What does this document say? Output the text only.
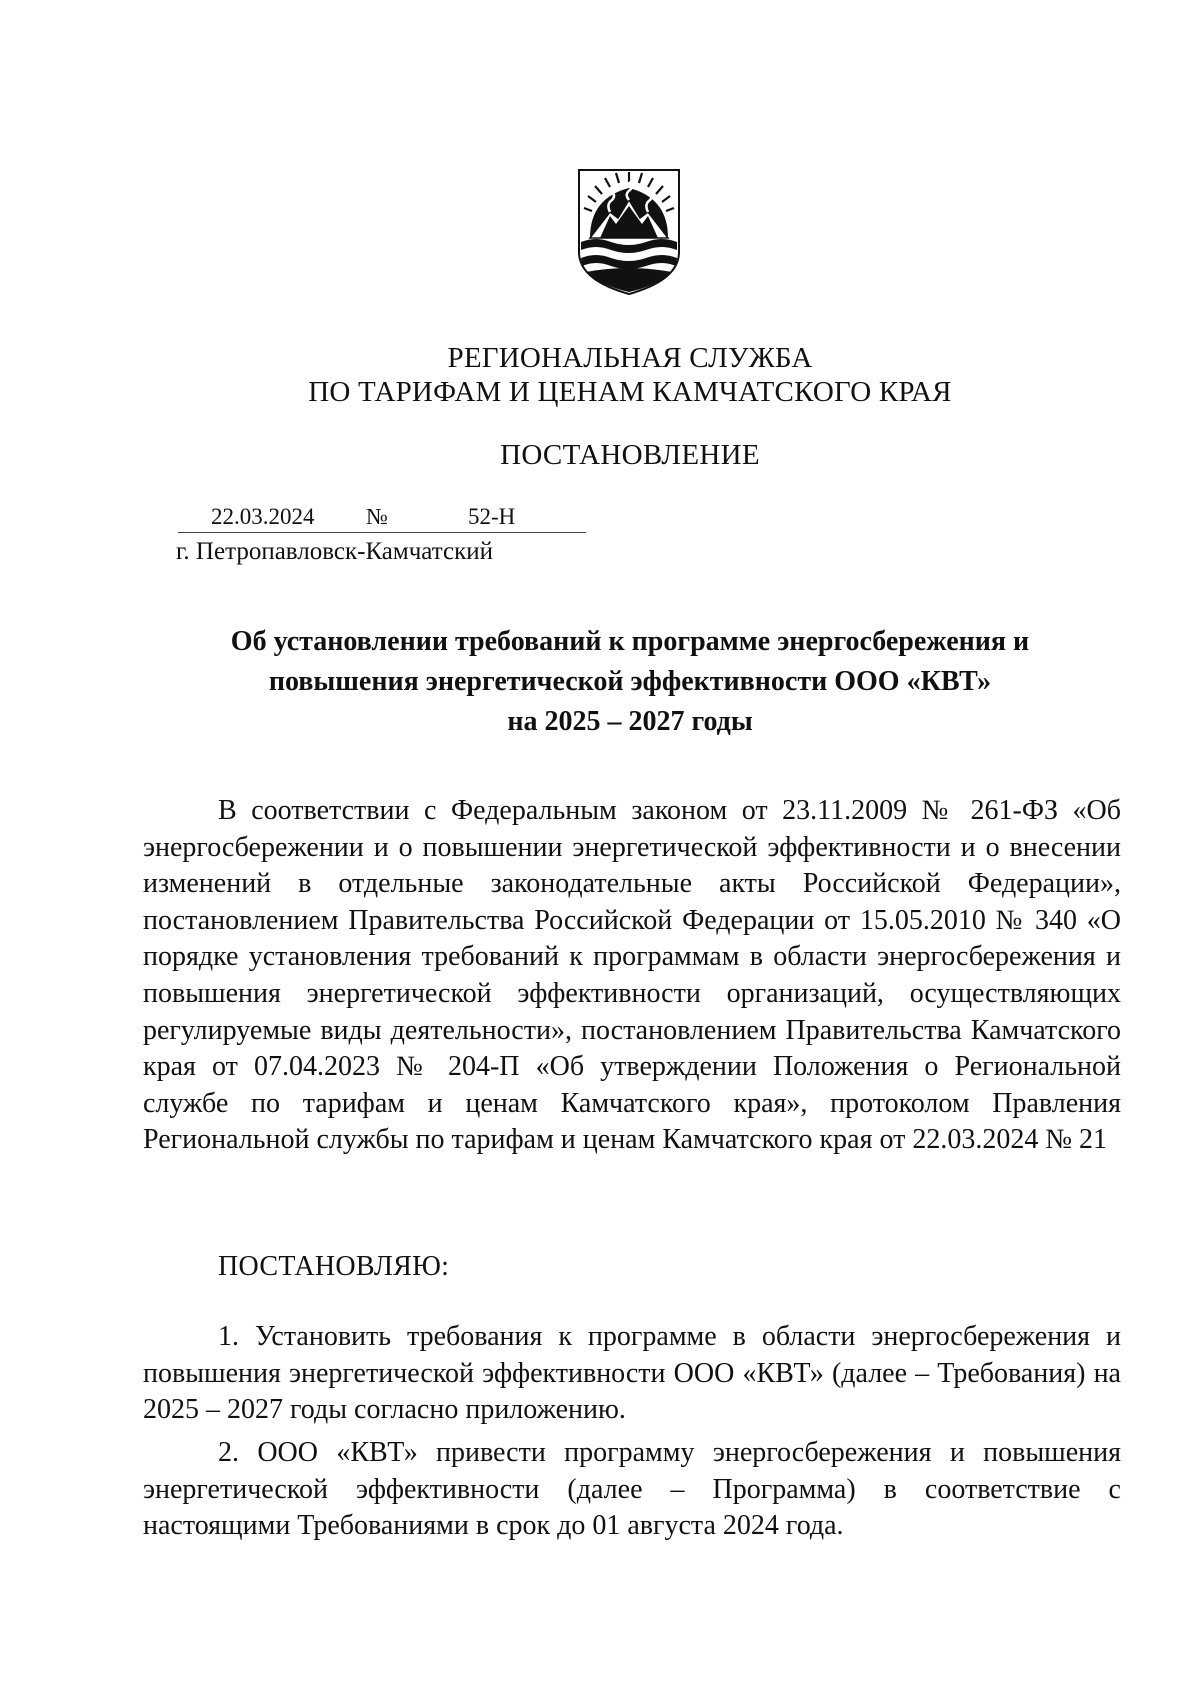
РЕГИОНАЛЬНАЯ СЛУЖБА
ПО ТАРИФАМ И ЦЕНАМ КАМЧАТСКОГО КРАЯ
ПОСТАНОВЛЕНИЕ
22.03.2024 №	52-Н
г. Петропавловск-Камчатский
Об установлении требований к программе энергосбережения и
повышения энергетической эффективности ООО «КВТ»
на 2025 – 2027 годы

В соответствии с Федеральным законом от 23.11.2009 № 261-ФЗ «Об энергосбережении и о повышении энергетической эффективности и о внесении изменений в отдельные законодательные акты Российской Федерации», постановлением Правительства Российской Федерации от 15.05.2010 № 340 «О порядке установления требований к программам в области энергосбережения и повышения энергетической эффективности организаций, осуществляющих регулируемые виды деятельности», постановлением Правительства Камчатского края от 07.04.2023 № 204-П «Об утверждении Положения о Региональной службе по тарифам и ценам Камчатского края», протоколом Правления Региональной службы по тарифам и ценам Камчатского края от 22.03.2024 № 21

ПОСТАНОВЛЯЮ:

1. Установить требования к программе в области энергосбережения и повышения энергетической эффективности ООО «КВТ» (далее – Требования) на 2025 – 2027 годы согласно приложению.

2. ООО «КВТ» привести программу энергосбережения и повышения энергетической эффективности (далее – Программа) в соответствие с настоящими Требованиями в срок до 01 августа 2024 года.
